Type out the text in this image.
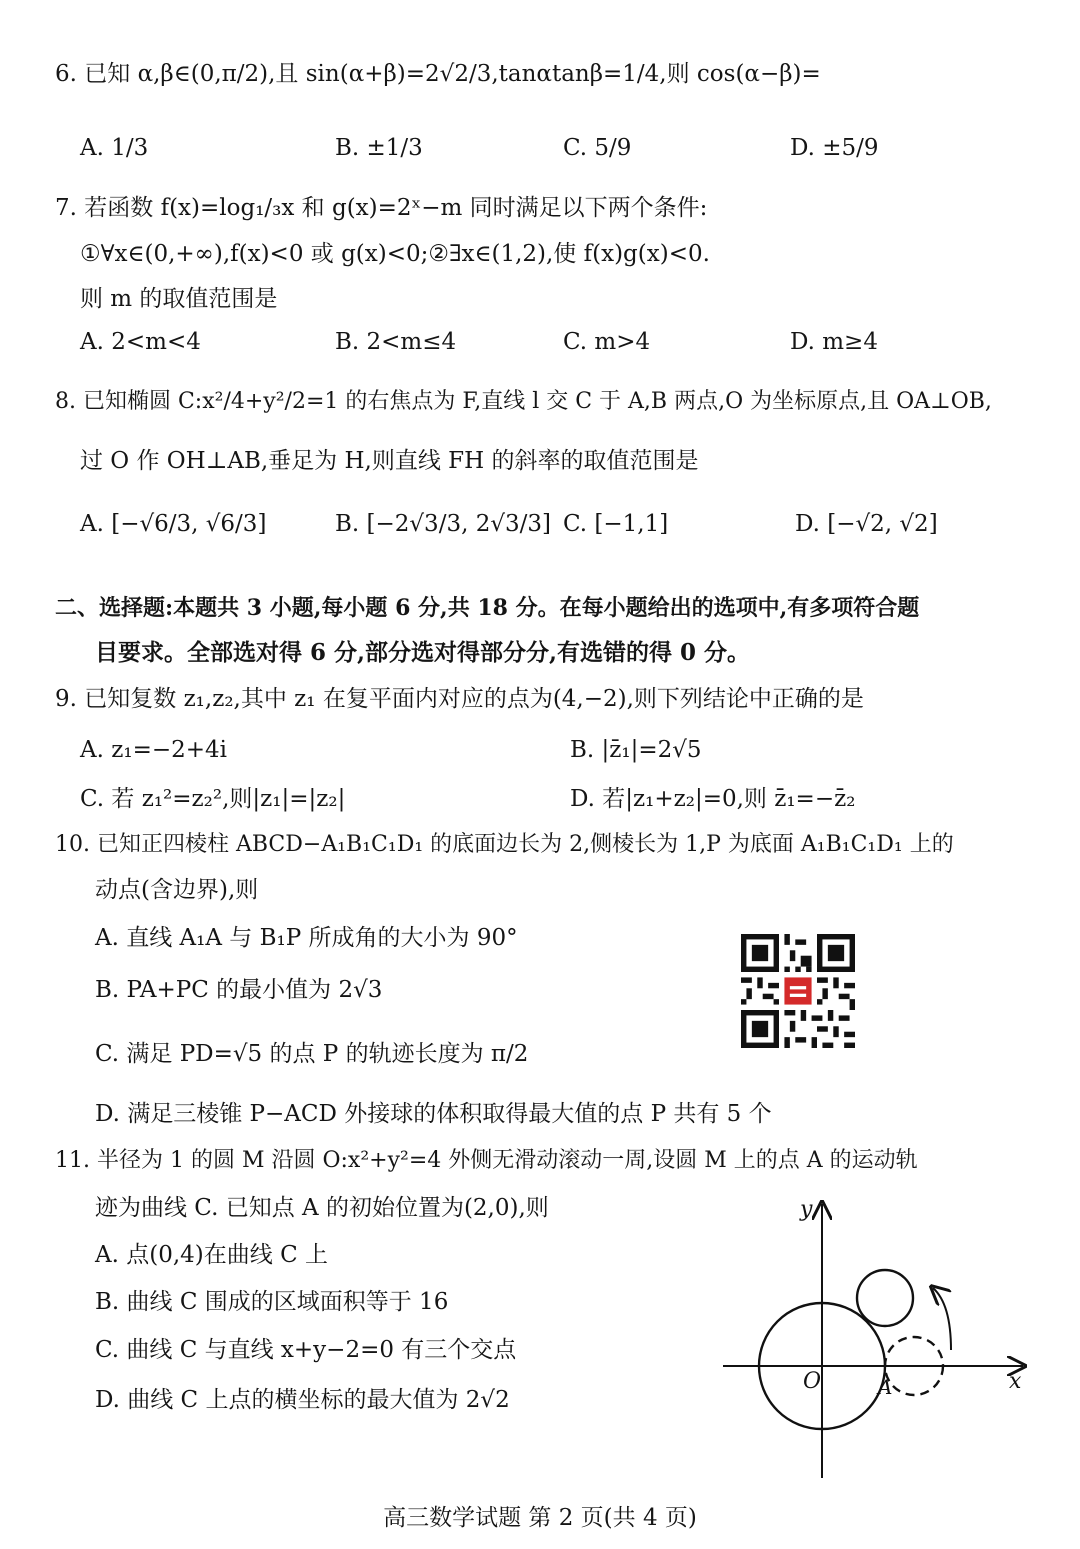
6. 已知 α,β∈(0,π/2),且 sin(α+β)=2√2/3,tanαtanβ=1/4,则 cos(α−β)=
A. 1/3	B. ±1/3	C. 5/9	D. ±5/9
7. 若函数 f(x)=log₁/₃x 和 g(x)=2ˣ−m 同时满足以下两个条件:
①∀x∈(0,+∞),f(x)<0 或 g(x)<0;②∃x∈(1,2),使 f(x)g(x)<0.
则 m 的取值范围是
A. 2<m<4	B. 2<m≤4	C. m>4	D. m≥4
8. 已知椭圆 C:x²/4+y²/2=1 的右焦点为 F,直线 l 交 C 于 A,B 两点,O 为坐标原点,且 OA⊥OB,
过 O 作 OH⊥AB,垂足为 H,则直线 FH 的斜率的取值范围是
A. [−√6/3, √6/3]	B. [−2√3/3, 2√3/3] C. [−1,1]	D. [−√2, √2]
二、选择题:本题共 3 小题,每小题 6 分,共 18 分。在每小题给出的选项中,有多项符合题
目要求。全部选对得 6 分,部分选对得部分分,有选错的得 0 分。
9. 已知复数 z₁,z₂,其中 z₁ 在复平面内对应的点为(4,−2),则下列结论中正确的是
A. z₁=−2+4i	B. |z̄₁|=2√5
C. 若 z₁²=z₂²,则|z₁|=|z₂|	D. 若|z₁+z₂|=0,则 z̄₁=−z̄₂
10. 已知正四棱柱 ABCD−A₁B₁C₁D₁ 的底面边长为 2,侧棱长为 1,P 为底面 A₁B₁C₁D₁ 上的
动点(含边界),则
A. 直线 A₁A 与 B₁P 所成角的大小为 90°
B. PA+PC 的最小值为 2√3
C. 满足 PD=√5 的点 P 的轨迹长度为 π/2
D. 满足三棱锥 P−ACD 外接球的体积取得最大值的点 P 共有 5 个
11. 半径为 1 的圆 M 沿圆 O:x²+y²=4 外侧无滑动滚动一周,设圆 M 上的点 A 的运动轨
迹为曲线 C. 已知点 A 的初始位置为(2,0),则
A. 点(0,4)在曲线 C 上
B. 曲线 C 围成的区域面积等于 16
C. 曲线 C 与直线 x+y−2=0 有三个交点
D. 曲线 C 上点的横坐标的最大值为 2√2
y
x
O	A
高三数学试题 第 2 页(共 4 页)
